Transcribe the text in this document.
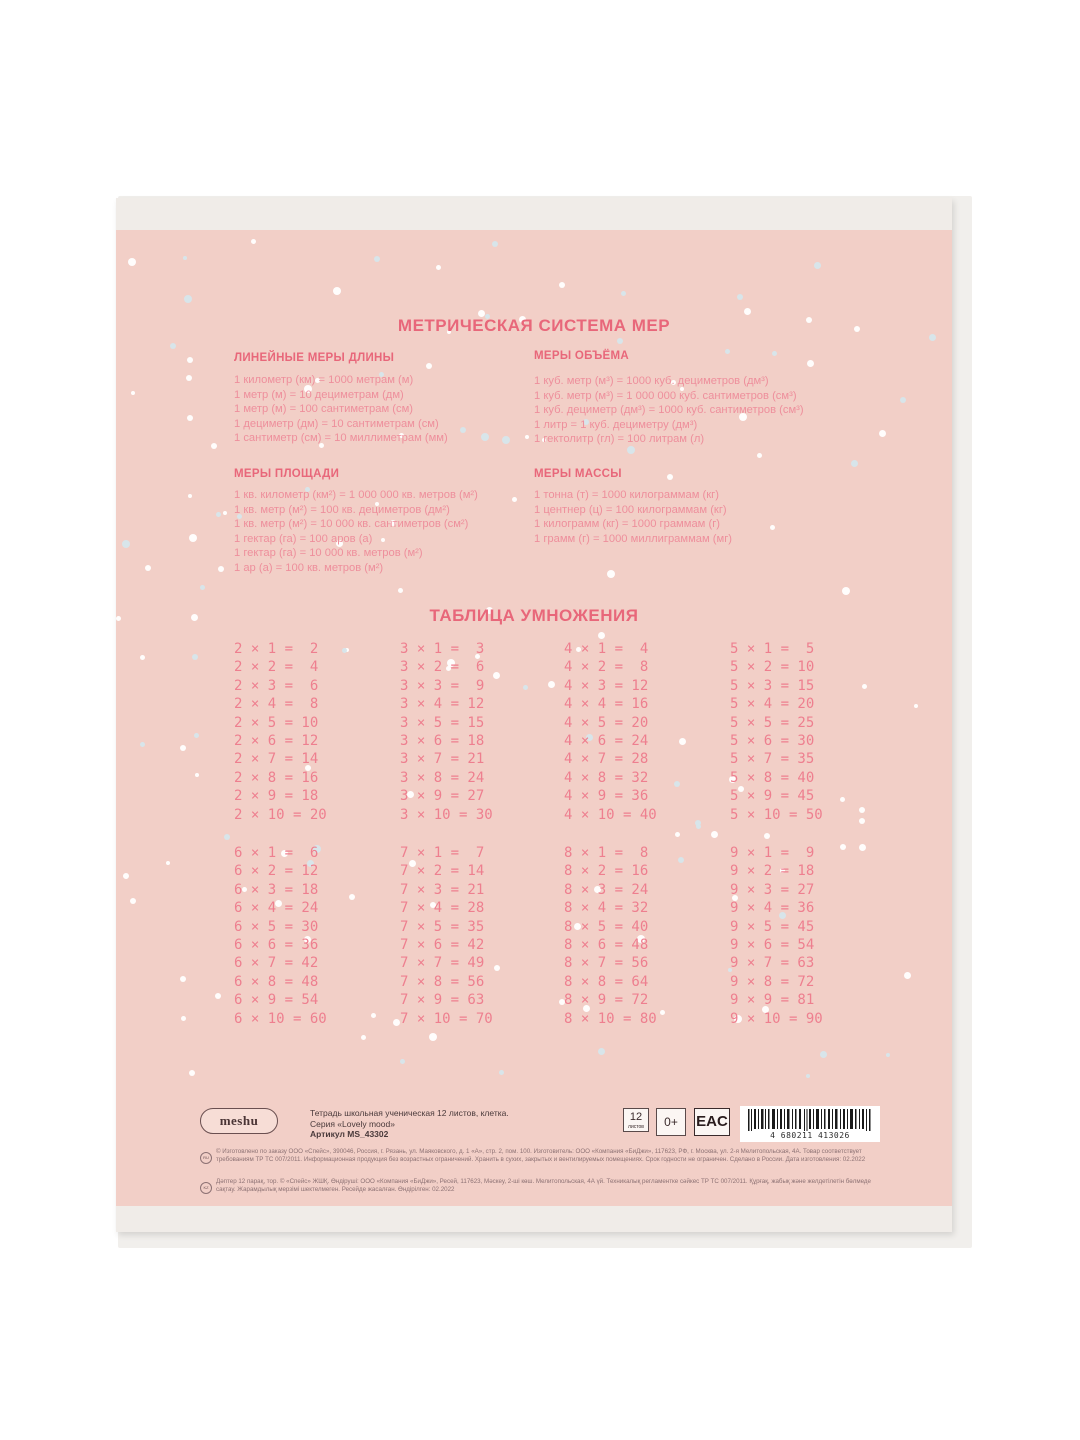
МЕТРИЧЕСКАЯ СИСТЕМА МЕР
ЛИНЕЙНЫЕ МЕРЫ ДЛИНЫ
1 километр (км) = 1000 метрам (м)
1 метр (м) = 10 дециметрам (дм)
1 метр (м) = 100 сантиметрам (см)
1 дециметр (дм) = 10 сантиметрам (см)
1 сантиметр (см) = 10 миллиметрам (мм)
МЕРЫ ОБЪЁМА
1 куб. метр (м³) = 1000 куб. дециметров (дм³)
1 куб. метр (м³) = 1 000 000 куб. сантиметров (см³)
1 куб. дециметр (дм³) = 1000 куб. сантиметров (см³)
1 литр = 1 куб. дециметру (дм³)
1 гектолитр (гл) = 100 литрам (л)
МЕРЫ ПЛОЩАДИ
1 кв. километр (км²) = 1 000 000 кв. метров (м²)
1 кв. метр (м²) = 100 кв. дециметров (дм²)
1 кв. метр (м²) = 10 000 кв. сантиметров (см²)
1 гектар (га) = 100 аров (а)
1 гектар (га) = 10 000 кв. метров (м²)
1 ар (а) = 100 кв. метров (м²)
МЕРЫ МАССЫ
1 тонна (т) = 1000 килограммам (кг)
1 центнер (ц) = 100 килограммам (кг)
1 килограмм (кг) = 1000 граммам (г)
1 грамм (г) = 1000 миллиграммам (мг)
ТАБЛИЦА УМНОЖЕНИЯ
2 × 1 =  2
2 × 2 =  4
2 × 3 =  6
2 × 4 =  8
2 × 5 = 10
2 × 6 = 12
2 × 7 = 14
2 × 8 = 16
2 × 9 = 18
2 × 10 = 20
3 × 1 =  3
3 × 2 =  6
3 × 3 =  9
3 × 4 = 12
3 × 5 = 15
3 × 6 = 18
3 × 7 = 21
3 × 8 = 24
3 × 9 = 27
3 × 10 = 30
4 × 1 =  4
4 × 2 =  8
4 × 3 = 12
4 × 4 = 16
4 × 5 = 20
4 × 6 = 24
4 × 7 = 28
4 × 8 = 32
4 × 9 = 36
4 × 10 = 40
5 × 1 =  5
5 × 2 = 10
5 × 3 = 15
5 × 4 = 20
5 × 5 = 25
5 × 6 = 30
5 × 7 = 35
5 × 8 = 40
5 × 9 = 45
5 × 10 = 50
6 × 1 =  6
6 × 2 = 12
6 × 3 = 18
6 × 4 = 24
6 × 5 = 30
6 × 6 = 36
6 × 7 = 42
6 × 8 = 48
6 × 9 = 54
6 × 10 = 60
7 × 1 =  7
7 × 2 = 14
7 × 3 = 21
7 × 4 = 28
7 × 5 = 35
7 × 6 = 42
7 × 7 = 49
7 × 8 = 56
7 × 9 = 63
7 × 10 = 70
8 × 1 =  8
8 × 2 = 16
8 × 3 = 24
8 × 4 = 32
8 × 5 = 40
8 × 6 = 48
8 × 7 = 56
8 × 8 = 64
8 × 9 = 72
8 × 10 = 80
9 × 1 =  9
9 × 2 = 18
9 × 3 = 27
9 × 4 = 36
9 × 5 = 45
9 × 6 = 54
9 × 7 = 63
9 × 8 = 72
9 × 9 = 81
9 × 10 = 90
meshu	Тетрадь школьная ученическая 12 листов, клетка.
Серия «Lovely mood»
Артикул MS_43302
12
листов	0+	EAC
4 680211 413026
RU
© Изготовлено по заказу ООО «Спейс», 390046, Россия, г. Рязань, ул. Маяковского, д. 1 «А», стр. 2, пом. 100. Изготовитель: ООО «Компания «БиДжи», 117623, РФ, г. Москва, ул. 2-я Мелитопольская, 4А. Товар соответствует требованиям ТР ТС 007/2011. Информационная продукция без возрастных ограничений. Хранить в сухих, закрытых и вентилируемых помещениях. Срок годности не ограничен. Сделано в России. Дата изготовления: 02.2022
KZ
Дәптер 12 парақ, тор. © «Спейс» ЖШҚ. Өндіруші: ООО «Компания «БиДжи», Ресей, 117623, Мәскеу, 2-ші көш. Мелитопольская, 4А үй. Техникалық регламентке сәйкес ТР ТС 007/2011. Құрғақ, жабық және желдетілетін бөлмеде сақтау. Жарамдылық мерзімі шектелмеген. Ресейде жасалған. Өндірілген: 02.2022
